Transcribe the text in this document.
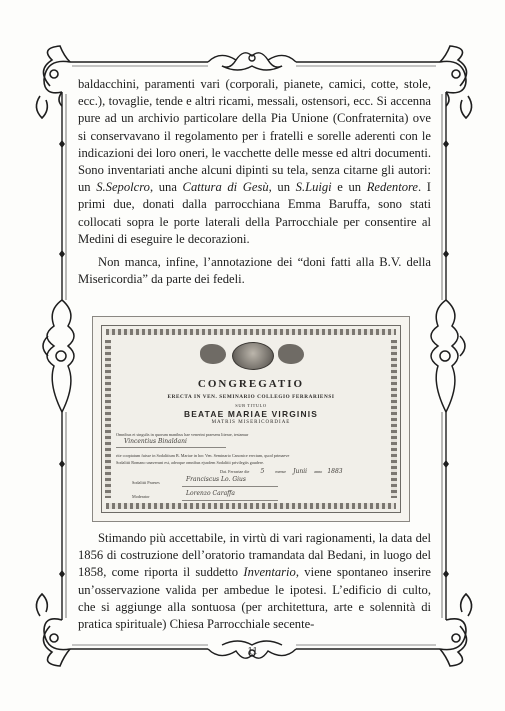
baldacchini, paramenti vari (corporali, pianete, camici, cotte, stole, ecc.), tovaglie, tende e altri ricami, messali, ostensori, ecc. Si accenna pure ad un archivio particolare della Pia Unione (Confraternita) ove si conservavano il regolamento per i fratelli e sorelle aderenti con le indicazioni dei loro oneri, le vacchette delle messe ed altri documenti. Sono inventariati anche alcuni dipinti su tela, senza citarne gli autori: un S.Sepolcro, una Cattura di Gesù, un S.Luigi e un Redentore. I primi due, donati dalla parrocchiana Emma Baruffa, sono stati collocati sopra le porte laterali della Parrocchiale per consentire al Medini di eseguire le decorazioni.

Non manca, infine, l’annotazione dei “doni fatti alla B.V. della Misericordia” da parte dei fedeli.

CONGREGATIO
ERECTA IN VEN. SEMINARIO COLLEGIO FERRARIENSI
SUB TITULO
BEATAE MARIAE VIRGINIS
MATRIS MISERICORDIAE
Omnibus et singulis in quorum manibus hae venerint praesens literae, testamur
Vincentius Binaldani
rite cooptatum fuisse in Sodalitium B. Mariae in hoc Ven. Seminario Canonice erectum, quod primaeve
Sodalitii Romano unaverunt est, adeoque omnibus ejusdem Sodalitii privilegiis gaudere.
Dat. Ferrariae die 5	mense Junii anno 1883
Sodalitii Praeses	Franciscus Lo. Gius
Moderator	Lorenzo Caraffa

Stimando più accettabile, in virtù di vari ragionamenti, la data del 1856 di costruzione dell’oratorio tramandata dal Bedani, in luogo del 1858, come riporta il suddetto Inventario, viene spontaneo inserire un’osservazione valida per ambedue le ipotesi. L’edificio di culto, che si aggiunge alla sontuosa (per architettura, arte e solennità di pratica spirituale) Chiesa Parrocchiale secente-

11
